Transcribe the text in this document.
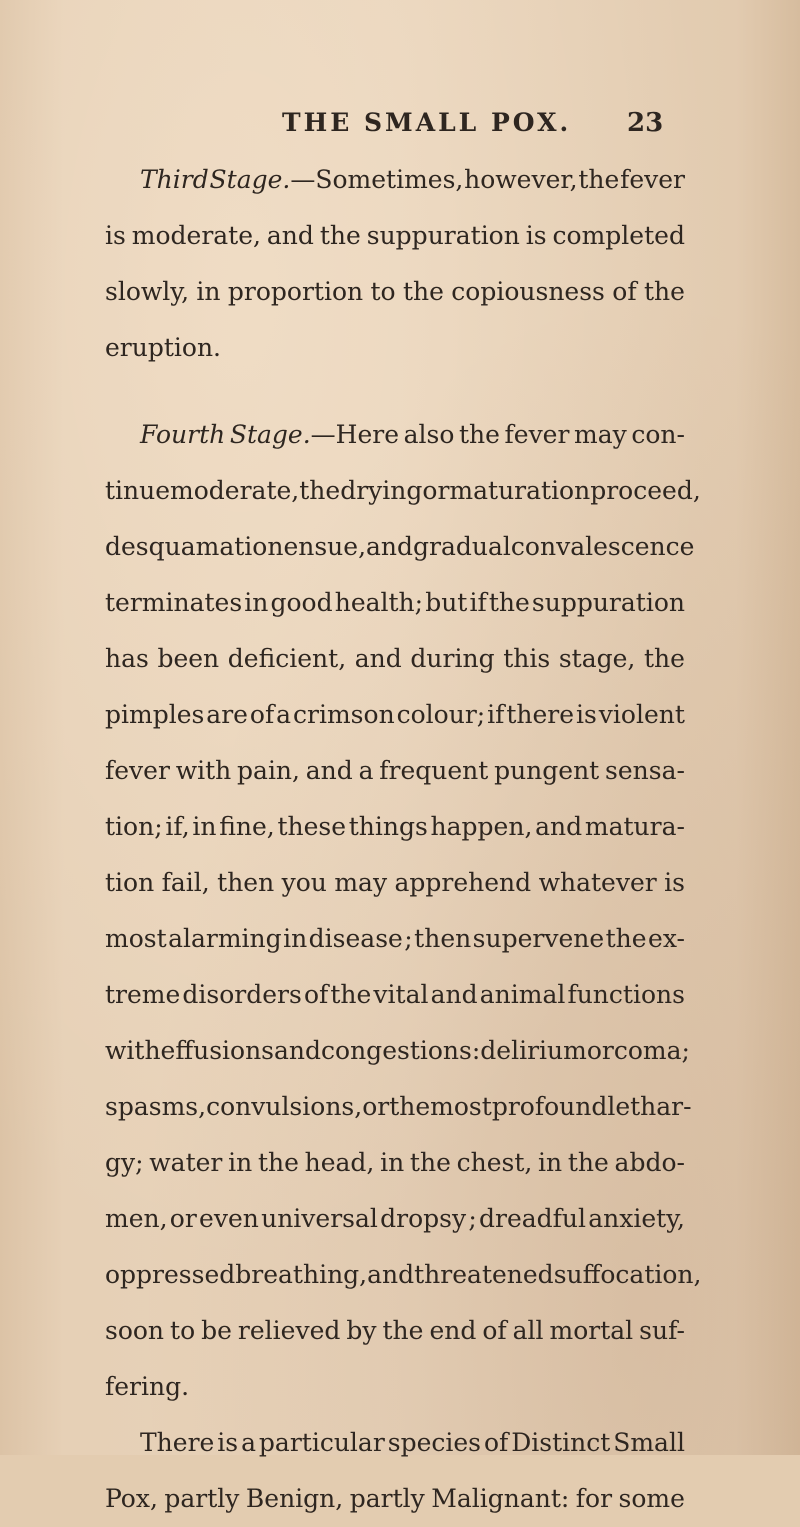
THE SMALL POX. 23
Third Stage.—Sometimes, however, the fever
is moderate, and the suppuration is completed
slowly, in proportion to the copiousness of the
eruption.
Fourth Stage.—Here also the fever may con-
tinue moderate, the drying or maturation proceed,
desquamation ensue, and gradual convalescence
terminates in good health; but if the suppuration
has been deficient, and during this stage, the
pimples are of a crimson colour; if there is violent
fever with pain, and a frequent pungent sensa-
tion; if, in fine, these things happen, and matura-
tion fail, then you may apprehend whatever is
most alarming in disease ; then supervene the ex-
treme disorders of the vital and animal functions
with effusions and congestions : delirium or coma;
spasms, convulsions, or the most profound lethar-
gy; water in the head, in the chest, in the abdo-
men, or even universal dropsy ; dreadful anxiety,
oppressed breathing, and threatened suffocation,
soon to be relieved by the end of all mortal suf-
fering.
There is a particular species of Distinct Small
Pox, partly Benign, partly Malignant: for some
